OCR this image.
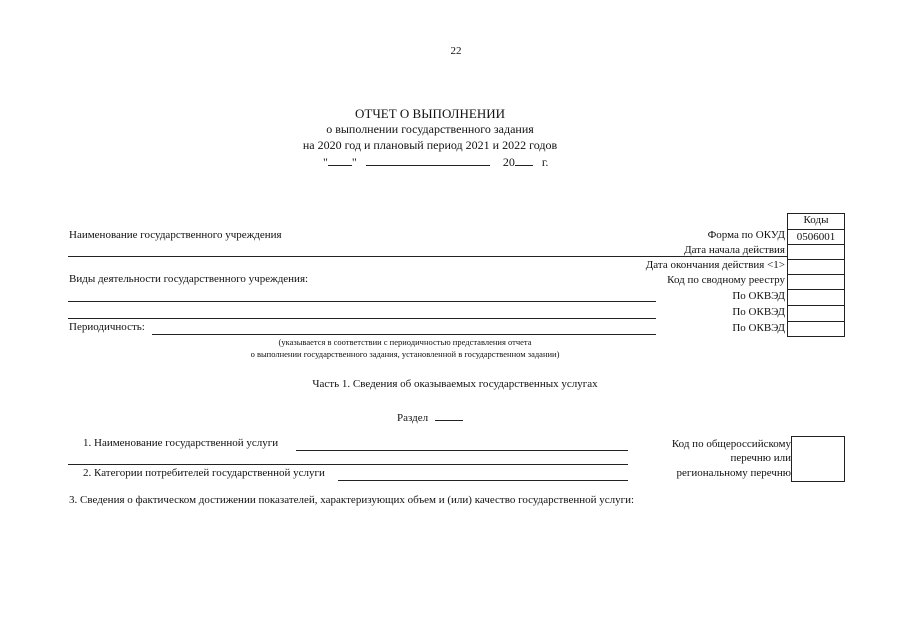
22
ОТЧЕТ О ВЫПОЛНЕНИИ
о выполнении государственного задания
на 2020 год и плановый период 2021 и 2022 годов
" "	20 г.
Коды
0506001
Форма по ОКУД
Дата начала действия
Дата окончания действия <1>
Код по сводному реестру
По ОКВЭД
По ОКВЭД
По ОКВЭД
Наименование государственного учреждения
Виды деятельности государственного учреждения:
Периодичность:
(указывается в соответствии с периодичностью представления отчета
о выполнении государственного задания, установленной в государственном задании)
Часть 1. Сведения об оказываемых государственных услугах
Раздел
1. Наименование государственной услуги
2. Категории потребителей государственной услуги
Код по общероссийскому
перечню или
региональному перечню
3. Сведения о фактическом достижении показателей, характеризующих объем и (или) качество государственной услуги:
